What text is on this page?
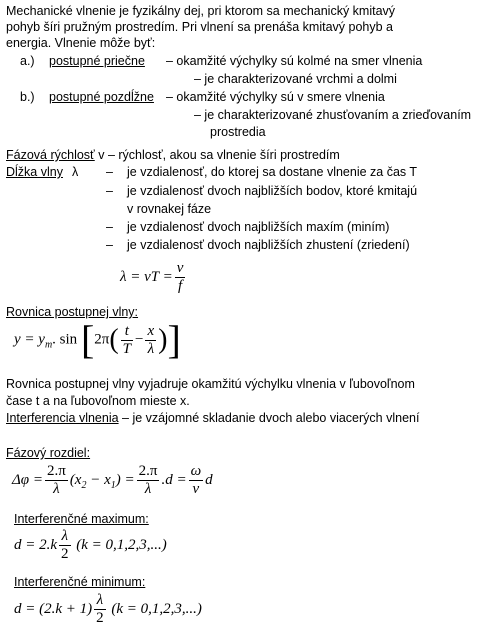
Mechanické vlnenie je fyzikálny dej, pri ktorom sa mechanický kmitavý
pohyb šíri pružným prostredím. Pri vlnení sa prenáša kmitavý pohyb a
energia. Vlnenie môže byť:
a.) postupné priečne – okamžité výchylky sú kolmé na smer vlnenia
– je charakterizované vrchmi a dolmi
b.) postupné pozdĺžne – okamžité výchylky sú v smere vlnenia
– je charakterizované zhusťovaním a zriеďovaním
prostredia
Fázová rýchlosť v – rýchlosť, akou sa vlnenie šíri prostredím
Dĺžka vlny λ – je vzdialenosť, do ktorej sa dostane vlnenie za čas T
– je vzdialenosť dvoch najbližších bodov, ktoré kmitajú
v rovnakej fáze
– je vzdialenosť dvoch najbližších maxím (miním)
– je vzdialenosť dvoch najbližších zhustení (zriedení)
λ = vT = $\frac{v}{f}$
Rovnica postupnej vlny:
$y = y_m$. $\sin [2\pi( \frac{t}{T} - \frac{x}{\lambda}$ )]
Rovnica postupnej vlny vyjadruje okamžitú výchylku vlnenia v ľubovoľnom
čase t a na ľubovoľnom mieste x.
Interferencia vlnenia – je vzájomné skladanie dvoch alebo viacerých vlnení
Fázový rozdiel:
$\Delta\varphi = \frac{2.\pi}{\lambda} (x_2 - x_1) = \frac{2.\pi}{\lambda} .d = \frac{\omega}{v}$ d
Interferenčné maximum:
$d = 2.k \frac{\lambda}{2} (k = 0,1,2,3,...)$
Interferenčné minimum:
$d = (2.k + 1) \frac{\lambda}{2} (k = 0,1,2,3,...)$
